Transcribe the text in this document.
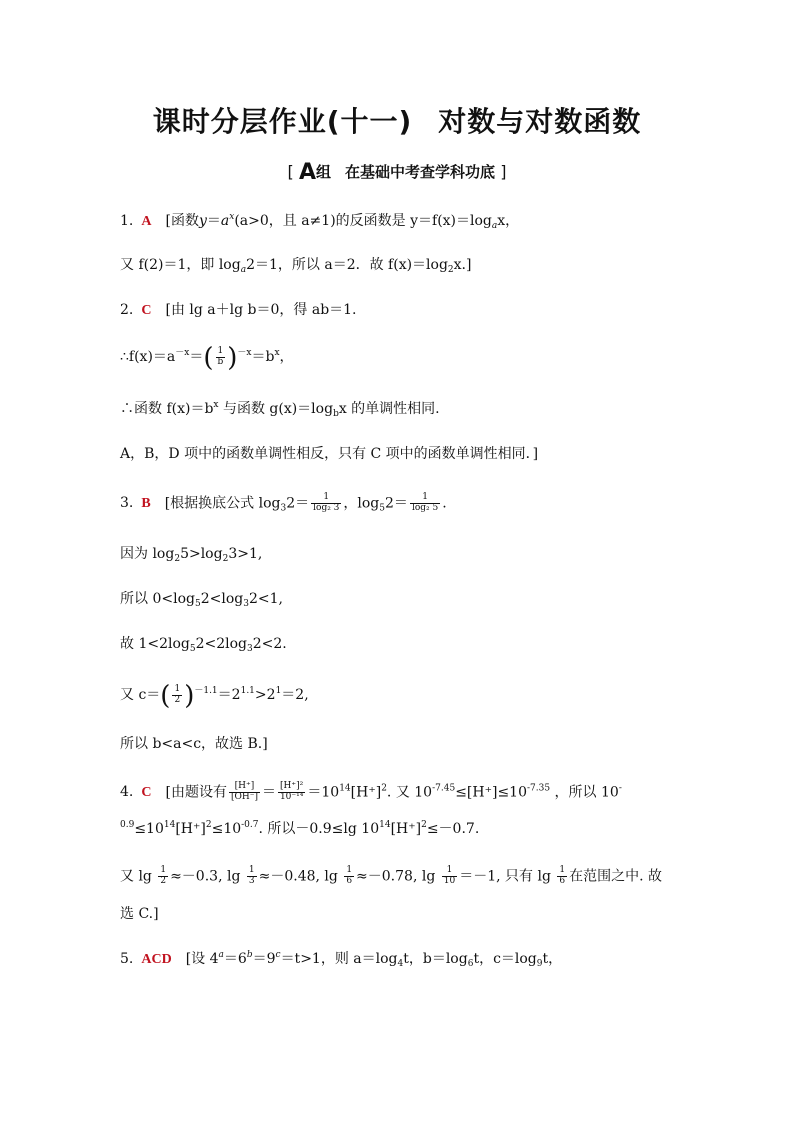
课时分层作业(十一) 对数与对数函数
[ A组 在基础中考查学科功底 ]
1. A [函数$y=a^x(a>0$，且 a≠1)的反函数是 $y=f(x)=\log_ax$，
又 f(2)＝1，即 $\log_a2=1$，所以 a＝2．故 $f(x)=\log_2x$.]
2. C [由 lg a＋lg b＝0，得 ab＝1.
$\therefore f(x)=a^{-x}=( \frac{1}{b} )^{-x}=b^x$，
∴函数 $f(x)=b^x$ 与函数 $g(x)=\log_bx$ 的单调性相同.
A，B，D 项中的函数单调性相反，只有 C 项中的函数单调性相同．]
3. B [根据换底公式 $\log_32= \frac{1}{\text{log₂ 3}}$ ，$\log_52= \frac{1}{\text{log₂ 5}}$ .
因为 $\log_25>\log_23>1$,
所以 $0<\log_52<\log_32<1$,
故 $1<2\log_52<2\log_32<2$.
又 $c=( \frac{1}{2} )^{-1.1}=2^{1.1}>2^1=2$,
所以 b<a<c，故选 B.]
4. C [由题设有 $\frac{[H^+]}{[OH^-]} = \frac{\text{[H⁺]²}}{\text{10⁻¹⁴}} =10^{14}[H^+]^2$. 又 $10^{-7.45}\le[H^+]\le 10^{-7.35}$ ，所以 10-
$^{0.9}\le 10^{14}[H^+]^2\le 10^{-0.7}$. 所以－0.9≤lg $10^{14}[H^+]^2\le-0.7$.
又 $\lg \frac{1}{2} \approx-0.3$, $\lg \frac{1}{3} \approx-0.48$, $\lg \frac{1}{6} \approx-0.78$, $\lg \frac{1}{10} =-1$, 只有 $\lg \frac{1}{6}$ 在范围之中. 故
选 C.]
5. ACD [设 $4^a=6^b=9^c=t>1$，则 $a=\log_4t$，$b=\log_6t$，$c=\log_9t$，
